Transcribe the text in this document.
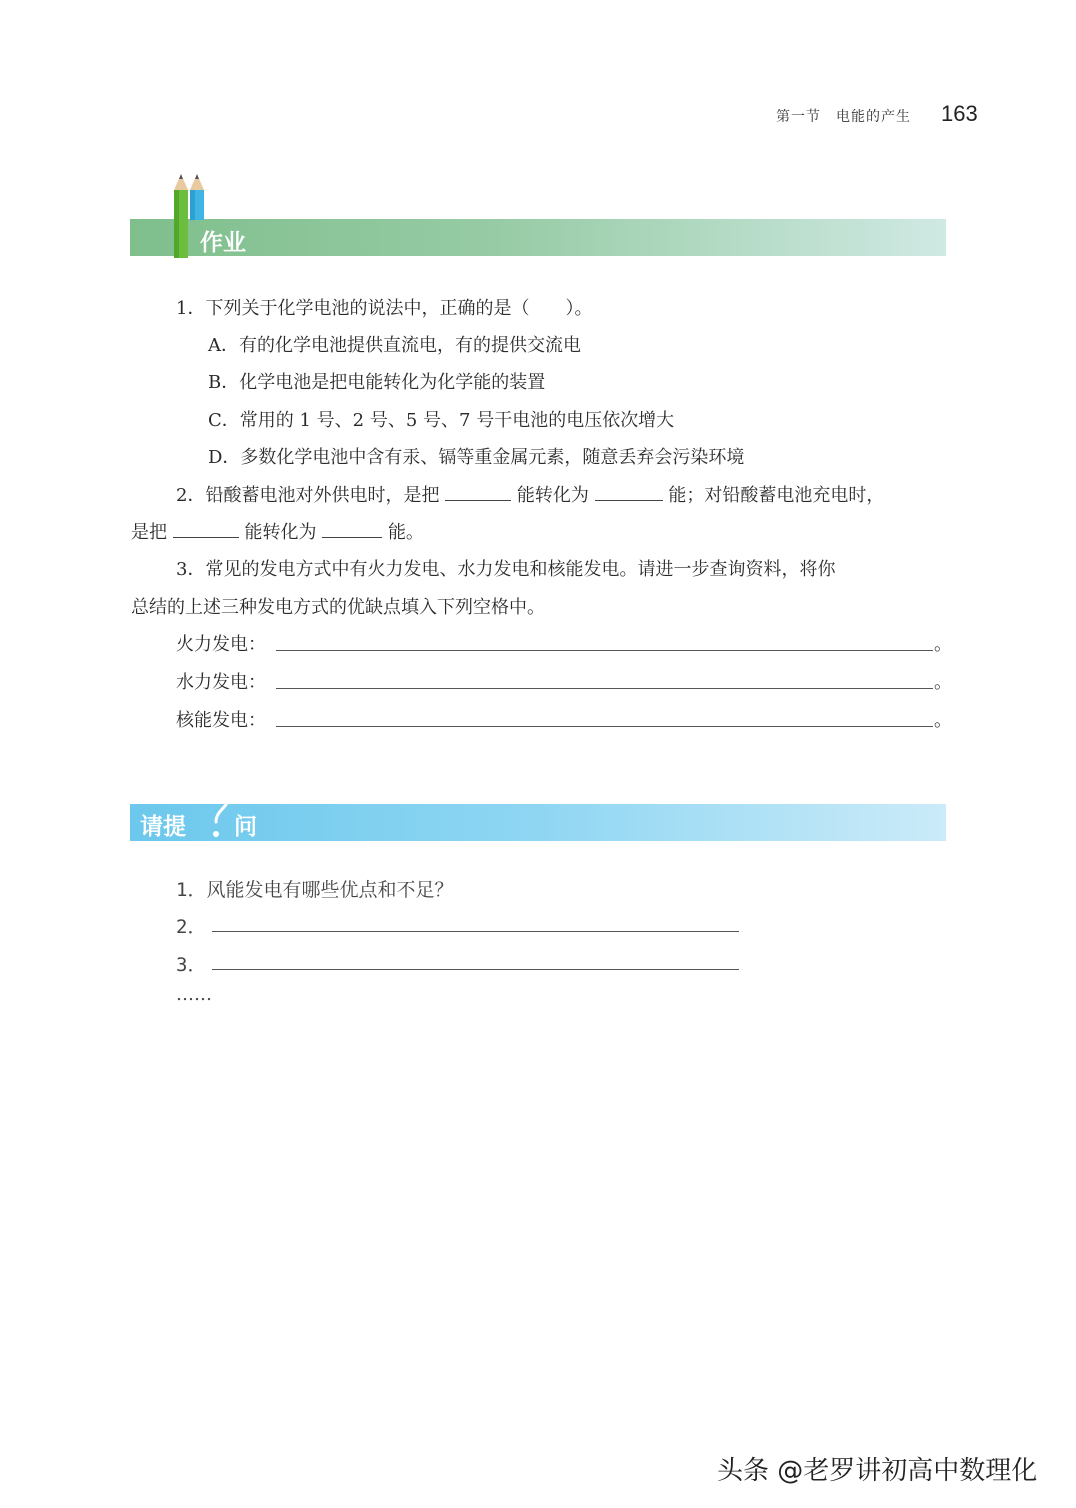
第一节　电能的产生 163
作业
1．下列关于化学电池的说法中，正确的是（　　）。
A．有的化学电池提供直流电，有的提供交流电
B．化学电池是把电能转化为化学能的装置
C．常用的 1 号、2 号、5 号、7 号干电池的电压依次增大
D．多数化学电池中含有汞、镉等重金属元素，随意丢弃会污染环境
2．铅酸蓄电池对外供电时，是把	能转化为	能；对铅酸蓄电池充电时，
是把	能转化为	能。
3．常见的发电方式中有火力发电、水力发电和核能发电。请进一步查询资料，将你
总结的上述三种发电方式的优缺点填入下列空格中。
火力发电：	。
水力发电：	。
核能发电：	。
请提 问
1．风能发电有哪些优点和不足？
2．
3．
……
头条 @老罗讲初高中数理化
